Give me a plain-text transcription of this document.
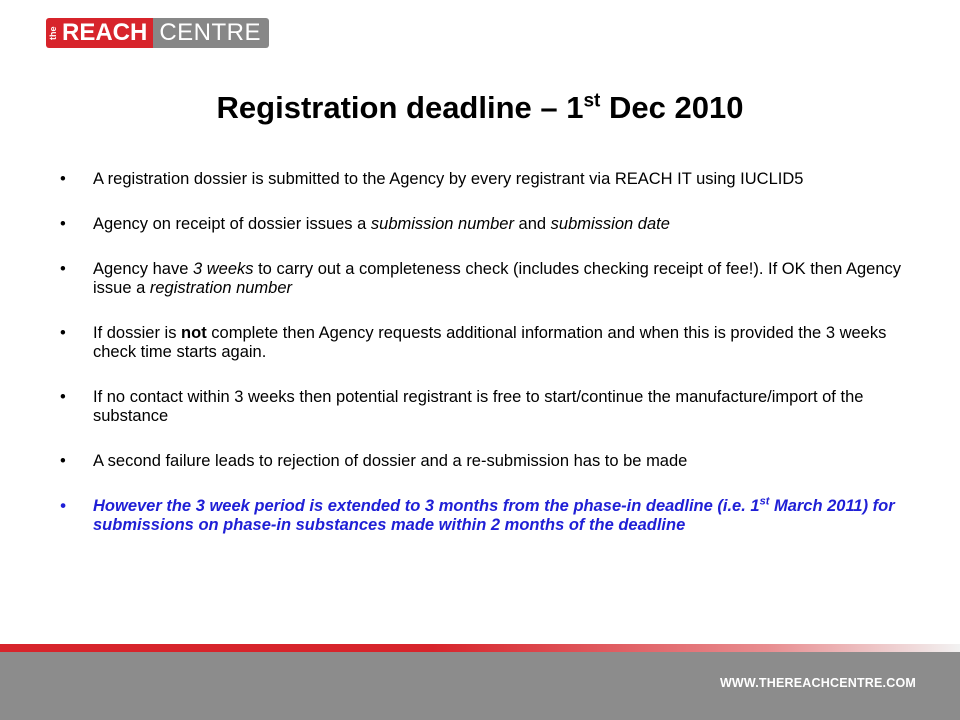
the REACH CENTRE
Registration deadline – 1st Dec 2010
• A registration dossier is submitted to the Agency by every registrant via REACH IT using IUCLID5
• Agency on receipt of dossier issues a submission number and submission date
• Agency have 3 weeks to carry out a completeness check (includes checking receipt of fee!). If OK then Agency issue a registration number
• If dossier is not complete then Agency requests additional information and when this is provided the 3 weeks check time starts again.
• If no contact within 3 weeks then potential registrant is free to start/continue the manufacture/import of the substance
• A second failure leads to rejection of dossier and a re-submission has to be made
• However the 3 week period is extended to 3 months from the phase-in deadline (i.e. 1st March 2011) for submissions on phase-in substances made within 2 months of the deadline
WWW.THEREACHCENTRE.COM
